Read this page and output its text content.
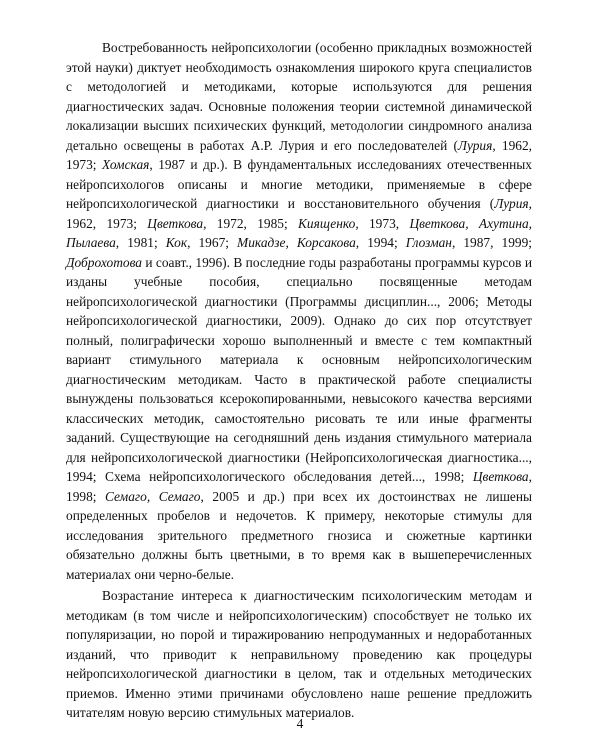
Востребованность нейропсихологии (особенно прикладных возможностей этой науки) диктует необходимость ознакомления широкого круга специалистов с методологией и методиками, которые используются для решения диагностических задач. Основные положения теории системной динамической локализации высших психических функций, методологии синдромного анализа детально освещены в работах А.Р. Лурия и его последователей (Лурия, 1962, 1973; Хомская, 1987 и др.). В фундаментальных исследованиях отечественных нейропсихологов описаны и многие методики, применяемые в сфере нейропсихологической диагностики и восстановительного обучения (Лурия, 1962, 1973; Цветкова, 1972, 1985; Киященко, 1973, Цветкова, Ахутина, Пылаева, 1981; Кок, 1967; Микадзе, Корсакова, 1994; Глозман, 1987, 1999; Доброхотова и соавт., 1996). В последние годы разработаны программы курсов и изданы учебные пособия, специально посвященные методам нейропсихологической диагностики (Программы дисциплин..., 2006; Методы нейропсихологической диагностики, 2009). Однако до сих пор отсутствует полный, полиграфически хорошо выполненный и вместе с тем компактный вариант стимульного материала к основным нейропсихологическим диагностическим методикам. Часто в практической работе специалисты вынуждены пользоваться ксерокопированными, невысокого качества версиями классических методик, самостоятельно рисовать те или иные фрагменты заданий. Существующие на сегодняшний день издания стимульного материала для нейропсихологической диагностики (Нейропсихологическая диагностика..., 1994; Схема нейропсихологического обследования детей..., 1998; Цветкова, 1998; Семаго, Семаго, 2005 и др.) при всех их достоинствах не лишены определенных пробелов и недочетов. К примеру, некоторые стимулы для исследования зрительного предметного гнозиса и сюжетные картинки обязательно должны быть цветными, в то время как в вышеперечисленных материалах они черно-белые.

Возрастание интереса к диагностическим психологическим методам и методикам (в том числе и нейропсихологическим) способствует не только их популяризации, но порой и тиражированию непродуманных и недоработанных изданий, что приводит к неправильному проведению как процедуры нейропсихологической диагностики в целом, так и отдельных методических приемов. Именно этими причинами обусловлено наше решение предложить читателям новую версию стимульных материалов.

4
